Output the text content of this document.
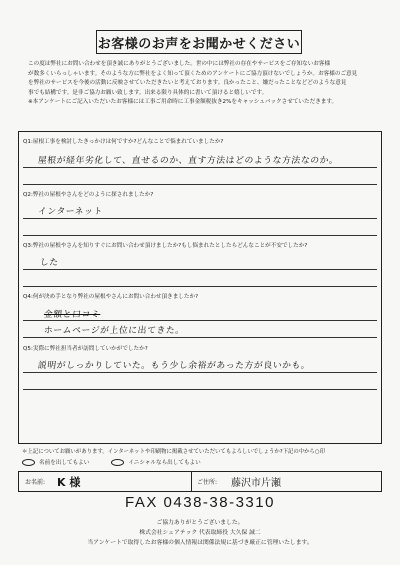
お客様のお声をお聞かせください

この度は弊社にお問い合わせを頂き誠にありがとうございました。世の中には弊社の存在やサービスをご存知ないお客様

が数多くいらっしゃいます。そのような方に弊社をよく知って頂くためのアンケートにご協力頂けないでしょうか。お客様のご意見

を弊社のサービスを今後の活動に反映させていただきたいと考えております。良かったこと、嫌だったことなどどのような意見

事でも結構です。是非ご協力お願い致します。出来る限り具体的に書いて頂けると嬉しいです。

※本アンケートにご記入いただいたお客様には工事ご用命時に工事金額税抜き2%をキャッシュバックさせていただきます。

Q1:屋根工事を検討したきっかけは何ですか?どんなことで悩まれていましたか?
Q2:弊社の屋根やさんをどのように探されましたか?
Q3:弊社の屋根やさんを知りすぐにお問い合わせ頂けましたか?もし悩まれたとしたらどんなことが不安でしたか?
Q4:何が決め手となり弊社の屋根やさんにお問い合わせ頂きましたか?
Q5:実際に弊社担当者が訪問していかがでしたか?
屋根が経年劣化して、直せるのか、直す方法はどのような方法なのか。
インターネット
した
金額と口コミ
ホームページが上位に出てきた。
説明がしっかりしていた。もう少し余裕があった方が良いかも。
＊上記についてお願いがあります。インターネットや印刷物に掲載させていただいてもよろしいでしょうか?下記の中から○印
名前を出してもよい	イニシャルなら出してもよい
お名前:	K 様	ご住所:	藤沢市片瀬
FAX 0438-38-3310
ご協力ありがとうございました。
株式会社シェアテック 代表取締役 大久保 誠二
当アンケートで取得したお客様の個人情報は関係法規に基づき厳正に管理いたします。
